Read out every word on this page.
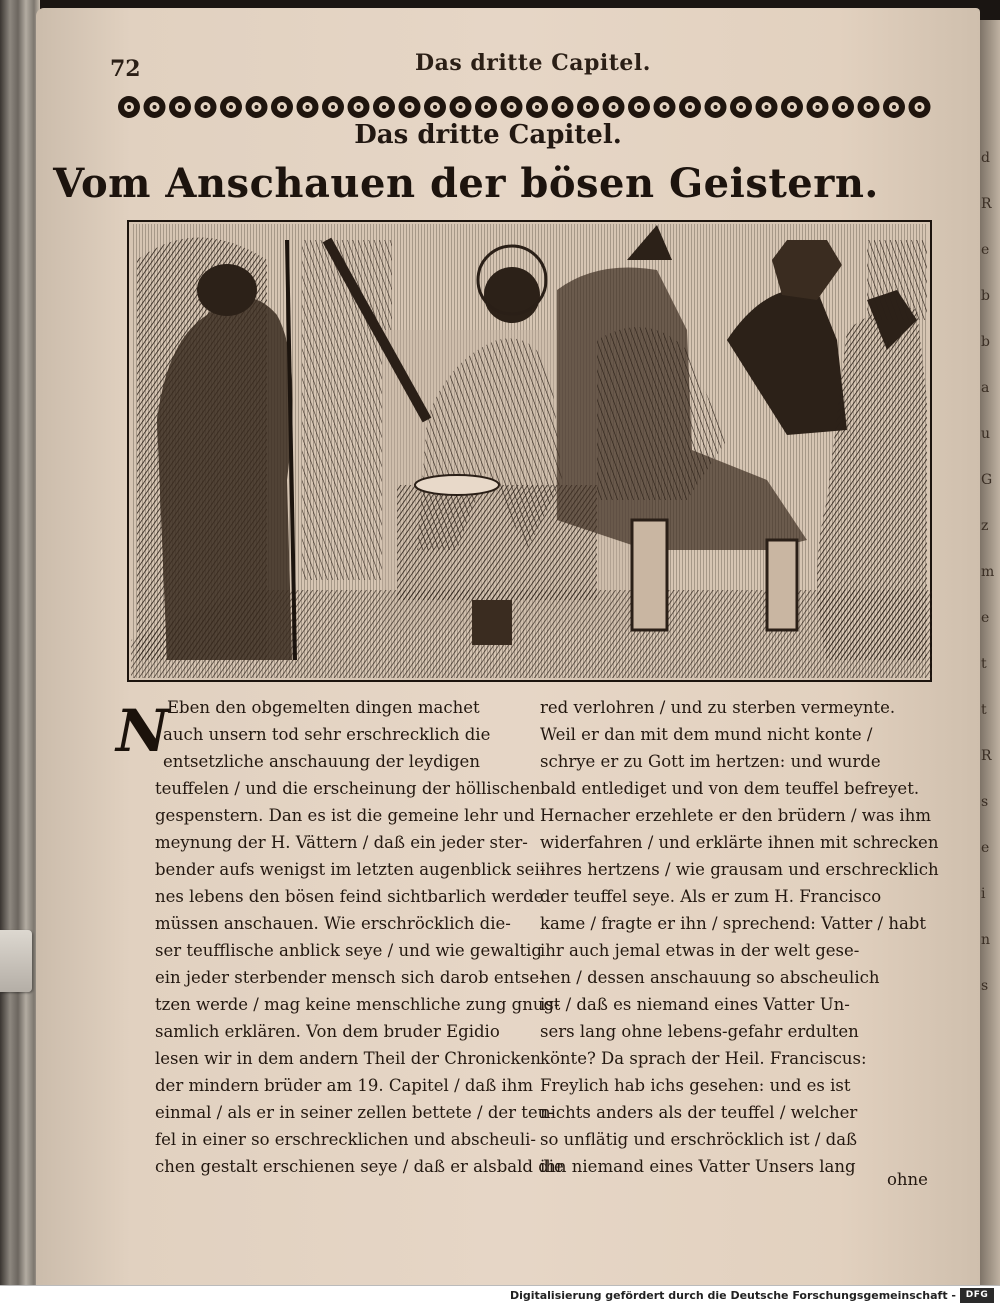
d
R
e
b
b
a
u
G
z
m
e
t
t
R
s
e
i
n
s
72	Das dritte Capitel.
Das dritte Capitel.
Vom Anschauen der bösen Geistern.
N
Eben den obgemelten dingen machet
auch unsern tod sehr erschrecklich die
entsetzliche anschauung der leydigen
teuffelen / und die erscheinung der höllischen
gespenstern. Dan es ist die gemeine lehr und
meynung der H. Vättern / daß ein jeder ster-
bender aufs wenigst im letzten augenblick sei-
nes lebens den bösen feind sichtbarlich werde
müssen anschauen. Wie erschröcklich die-
ser teufflische anblick seye / und wie gewaltig
ein jeder sterbender mensch sich darob entse-
tzen werde / mag keine menschliche zung gnug-
samlich erklären. Von dem bruder Egidio
lesen wir in dem andern Theil der Chronicken
der mindern brüder am 19. Capitel / daß ihm
einmal / als er in seiner zellen bettete / der teu-
fel in einer so erschrecklichen und abscheuli-
chen gestalt erschienen seye / daß er alsbald die
red verlohren / und zu sterben vermeynte.
Weil er dan mit dem mund nicht konte /
schrye er zu Gott im hertzen: und wurde
bald entlediget und von dem teuffel befreyet.
Hernacher erzehlete er den brüdern / was ihm
widerfahren / und erklärte ihnen mit schrecken
ihres hertzens / wie grausam und erschrecklich
der teuffel seye. Als er zum H. Francisco
kame / fragte er ihn / sprechend: Vatter / habt
ihr auch jemal etwas in der welt gese-
hen / dessen anschauung so abscheulich
ist / daß es niemand eines Vatter Un-
sers lang ohne lebens-gefahr erdulten
könte? Da sprach der Heil. Franciscus:
Freylich hab ichs gesehen: und es ist
nichts anders als der teuffel / welcher
so unflätig und erschröcklich ist / daß
ihn niemand eines Vatter Unsers lang
ohne
Digitalisierung gefördert durch die Deutsche Forschungsgemeinschaft -	DFG
